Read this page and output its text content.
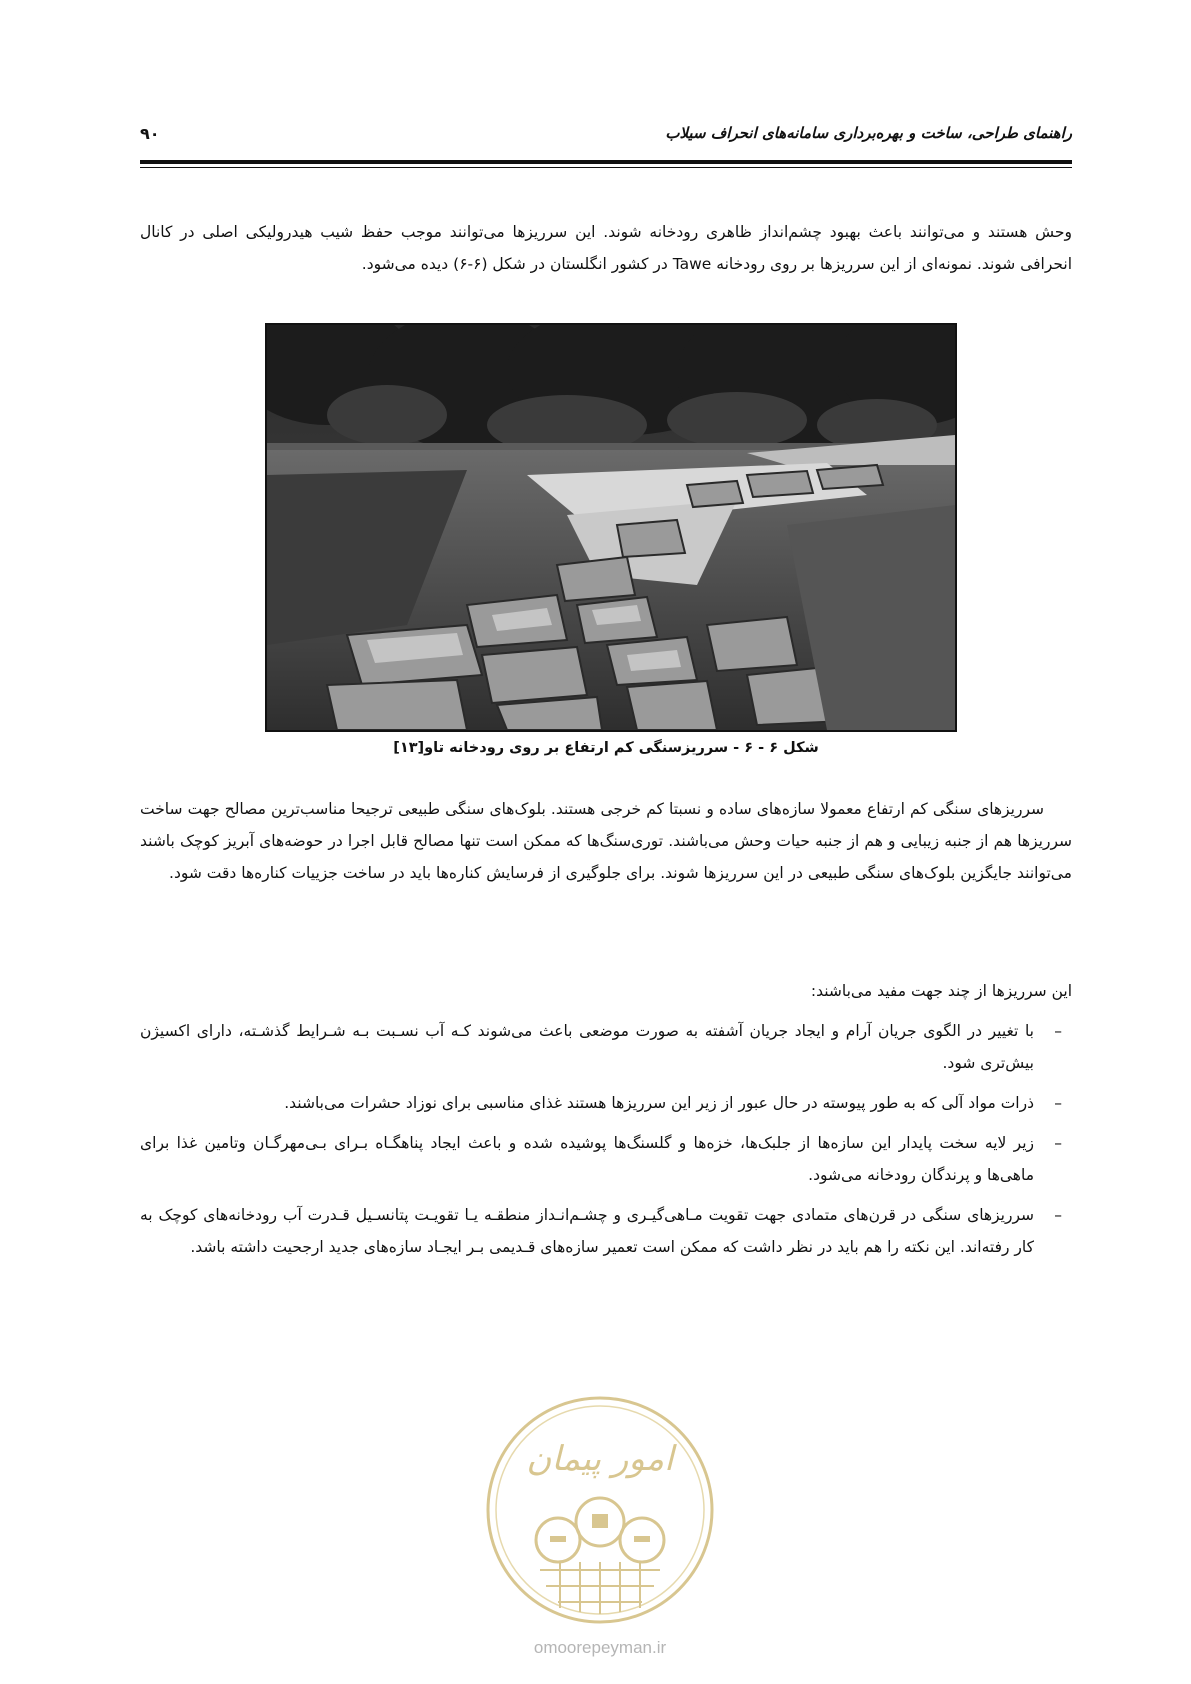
راهنمای طراحی، ساخت و بهره‌برداری سامانه‌های انحراف سیلاب
۹۰

وحش هستند و می‌توانند باعث بهبود چشم‌انداز ظاهری رودخانه شوند. این سرریزها می‌توانند موجب حفظ شیب هیدرولیکی اصلی در کانال انحرافی شوند. نمونه‌ای از این سرریزها بر روی رودخانه Tawe در کشور انگلستان در شکل (۶-۶) دیده می‌شود.

شکل ۶ - ۶ - سرریزسنگی کم ارتفاع بر روی رودخانه تاو[۱۳]

سرریزهای سنگی کم ارتفاع معمولا سازه‌های ساده و نسبتا کم خرجی هستند. بلوک‌های سنگی طبیعی ترجیحا مناسب‌ترین مصالح جهت ساخت سرریزها هم از جنبه زیبایی و هم از جنبه حیات وحش می‌باشند. توری‌سنگ‌ها که ممکن است تنها مصالح قابل اجرا در حوضه‌های آبریز کوچک باشند می‌توانند جایگزین بلوک‌های سنگی طبیعی در این سرریزها شوند. برای جلوگیری از فرسایش کناره‌ها باید در ساخت جزییات کناره‌ها دقت شود.

این سرریزها از چند جهت مفید می‌باشند:

–
با تغییر در الگوی جریان آرام و ایجاد جریان آشفته به صورت موضعی باعث می‌شوند کـه آب نسـبت بـه شـرایط گذشـته، دارای اکسیژن بیش‌تری شود.
–
ذرات مواد آلی که به طور پیوسته در حال عبور از زیر این سرریزها هستند غذای مناسبی برای نوزاد حشرات می‌باشند.
–
زیر لایه سخت پایدار این سازه‌ها از جلبک‌ها، خزه‌ها و گلسنگ‌ها پوشیده شده و باعث ایجاد پناهگـاه بـرای بـی‌مهرگـان وتامین غذا برای ماهی‌ها و پرندگان رودخانه می‌شود.
–
سرریزهای سنگی در قرن‌های متمادی جهت تقویت مـاهی‌گیـری و چشـم‌انـداز منطقـه یـا تقویـت پتانسـیل قـدرت آب رودخانه‌های کوچک به کار رفته‌اند. این نکته را هم باید در نظر داشت که ممکن است تعمیر سازه‌های قـدیمی بـر ایجـاد سازه‌های جدید ارجحیت داشته باشد.
امور پیمان
omoorepeyman.ir
